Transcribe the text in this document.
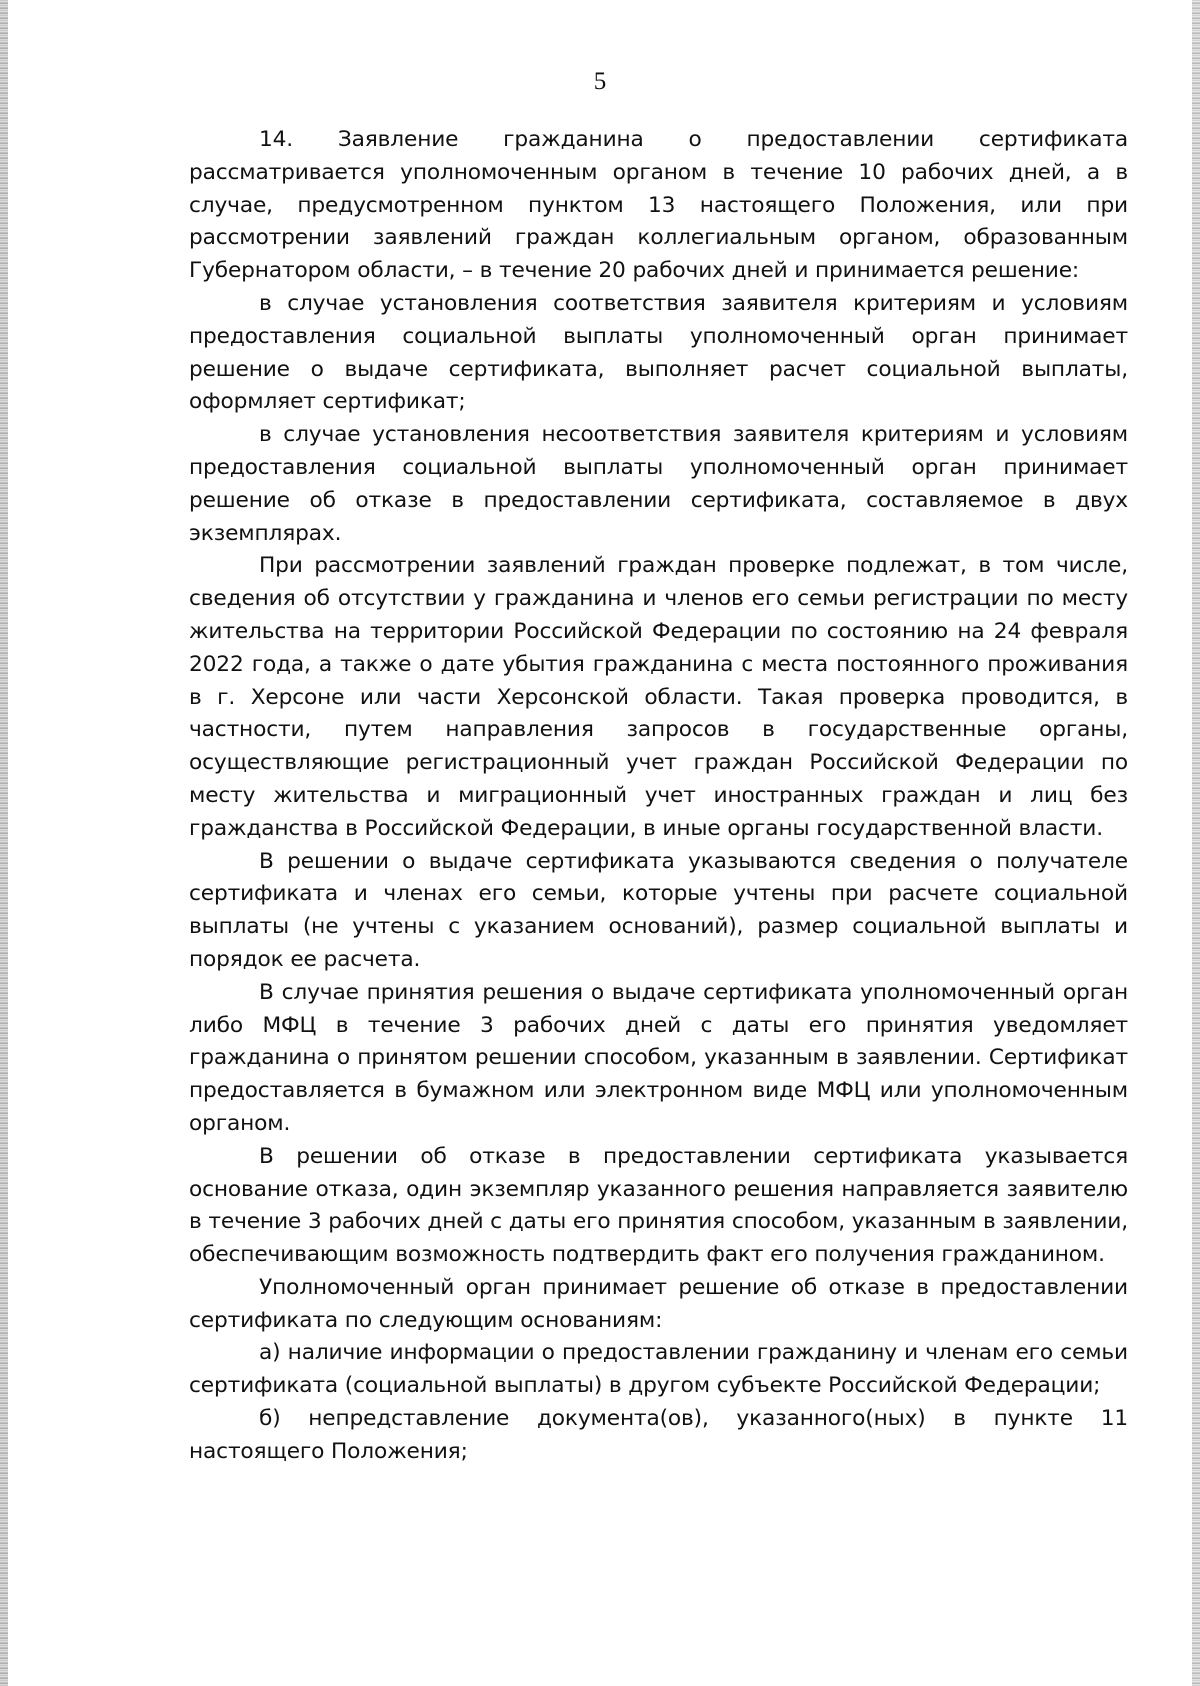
5

14. Заявление гражданина о предоставлении сертификата рассматривается уполномоченным органом в течение 10 рабочих дней, а в случае, предусмотренном пунктом 13 настоящего Положения, или при рассмотрении заявлений граждан коллегиальным органом, образованным Губернатором области, – в течение 20 рабочих дней и принимается решение:

в случае установления соответствия заявителя критериям и условиям предоставления социальной выплаты уполномоченный орган принимает решение о выдаче сертификата, выполняет расчет социальной выплаты, оформляет сертификат;

в случае установления несоответствия заявителя критериям и условиям предоставления социальной выплаты уполномоченный орган принимает решение об отказе в предоставлении сертификата, составляемое в двух экземплярах.

При рассмотрении заявлений граждан проверке подлежат, в том числе, сведения об отсутствии у гражданина и членов его семьи регистрации по месту жительства на территории Российской Федерации по состоянию на 24 февраля 2022 года, а также о дате убытия гражданина с места постоянного проживания в г. Херсоне или части Херсонской области. Такая проверка проводится, в частности, путем направления запросов в государственные органы, осуществляющие регистрационный учет граждан Российской Федерации по месту жительства и миграционный учет иностранных граждан и лиц без гражданства в Российской Федерации, в иные органы государственной власти.

В решении о выдаче сертификата указываются сведения о получателе сертификата и членах его семьи, которые учтены при расчете социальной выплаты (не учтены с указанием оснований), размер социальной выплаты и порядок ее расчета.

В случае принятия решения о выдаче сертификата уполномоченный орган либо МФЦ в течение 3 рабочих дней с даты его принятия уведомляет гражданина о принятом решении способом, указанным в заявлении. Сертификат предоставляется в бумажном или электронном виде МФЦ или уполномоченным органом.

В решении об отказе в предоставлении сертификата указывается основание отказа, один экземпляр указанного решения направляется заявителю в течение 3 рабочих дней с даты его принятия способом, указанным в заявлении, обеспечивающим возможность подтвердить факт его получения гражданином.

Уполномоченный орган принимает решение об отказе в предоставлении сертификата по следующим основаниям:

а) наличие информации о предоставлении гражданину и членам его семьи сертификата (социальной выплаты) в другом субъекте Российской Федерации;

б) непредставление документа(ов), указанного(ных) в пункте 11 настоящего Положения;
